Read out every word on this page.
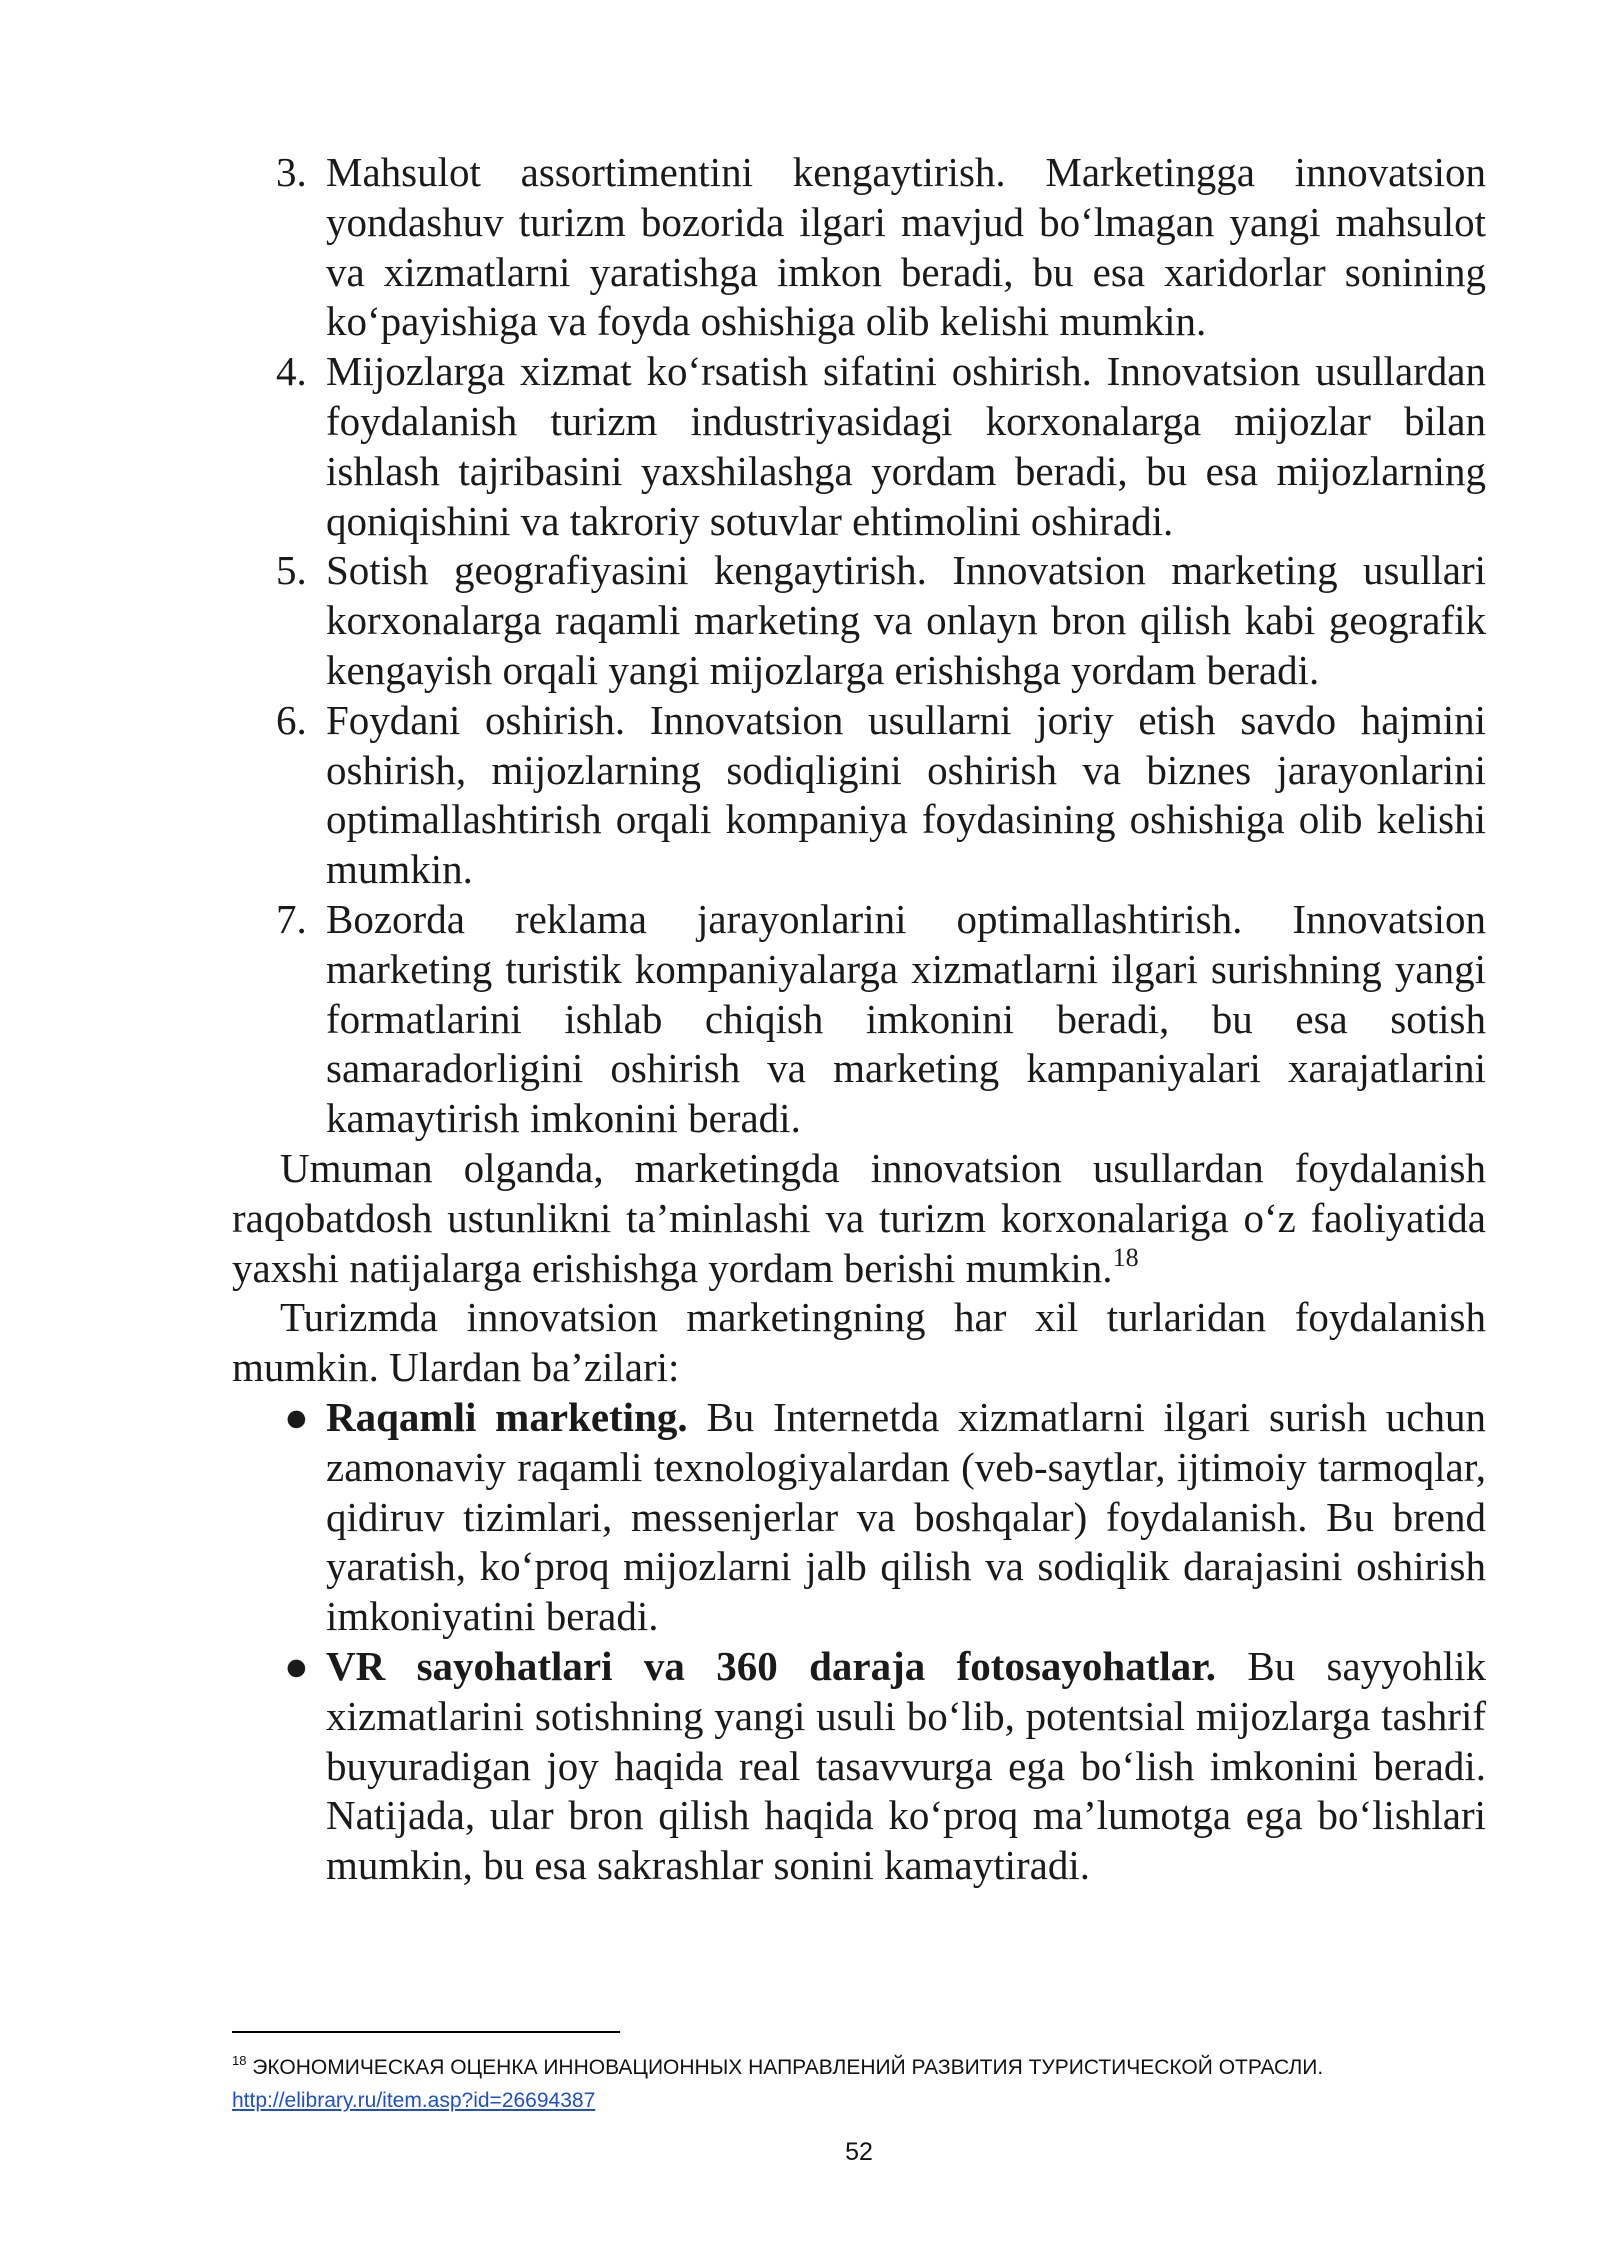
3. Mahsulot assortimentini kengaytirish. Marketingga innovatsion yondashuv turizm bozorida ilgari mavjud bo‘lmagan yangi mahsulot va xizmatlarni yaratishga imkon beradi, bu esa xaridorlar sonining ko‘payishiga va foyda oshishiga olib kelishi mumkin.
4. Mijozlarga xizmat ko‘rsatish sifatini oshirish. Innovatsion usullardan foydalanish turizm industriyasidagi korxonalarga mijozlar bilan ishlash tajribasini yaxshilashga yordam beradi, bu esa mijozlarning qoniqishini va takroriy sotuvlar ehtimolini oshiradi.
5. Sotish geografiyasini kengaytirish. Innovatsion marketing usullari korxonalarga raqamli marketing va onlayn bron qilish kabi geografik kengayish orqali yangi mijozlarga erishishga yordam beradi.
6. Foydani oshirish. Innovatsion usullarni joriy etish savdo hajmini oshirish, mijozlarning sodiqligini oshirish va biznes jarayonlarini optimallashtirish orqali kompaniya foydasining oshishiga olib kelishi mumkin.
7. Bozorda reklama jarayonlarini optimallashtirish. Innovatsion marketing turistik kompaniyalarga xizmatlarni ilgari surishning yangi formatlarini ishlab chiqish imkonini beradi, bu esa sotish samaradorligini oshirish va marketing kampaniyalari xarajatlarini kamaytirish imkonini beradi.

Umuman olganda, marketingda innovatsion usullardan foydalanish raqobatdosh ustunlikni ta’minlashi va turizm korxonalariga o‘z faoliyatida yaxshi natijalarga erishishga yordam berishi mumkin.$^{18}$

Turizmda innovatsion marketingning har xil turlaridan foydalanish mumkin. Ulardan ba’zilari:

● Raqamli marketing. Bu Internetda xizmatlarni ilgari surish uchun zamonaviy raqamli texnologiyalardan (veb-saytlar, ijtimoiy tarmoqlar, qidiruv tizimlari, messenjerlar va boshqalar) foydalanish. Bu brend yaratish, ko‘proq mijozlarni jalb qilish va sodiqlik darajasini oshirish imkoniyatini beradi.
● VR sayohatlari va 360 daraja fotosayohatlar. Bu sayyohlik xizmatlarini sotishning yangi usuli bo‘lib, potentsial mijozlarga tashrif buyuradigan joy haqida real tasavvurga ega bo‘lish imkonini beradi. Natijada, ular bron qilish haqida ko‘proq ma’lumotga ega bo‘lishlari mumkin, bu esa sakrashlar sonini kamaytiradi.
$^{18}$ ЭКОНОМИЧЕСКАЯ ОЦЕНКА ИННОВАЦИОННЫХ НАПРАВЛЕНИЙ РАЗВИТИЯ ТУРИСТИЧЕСКОЙ ОТРАСЛИ.
http://elibrary.ru/item.asp?id=26694387
52
